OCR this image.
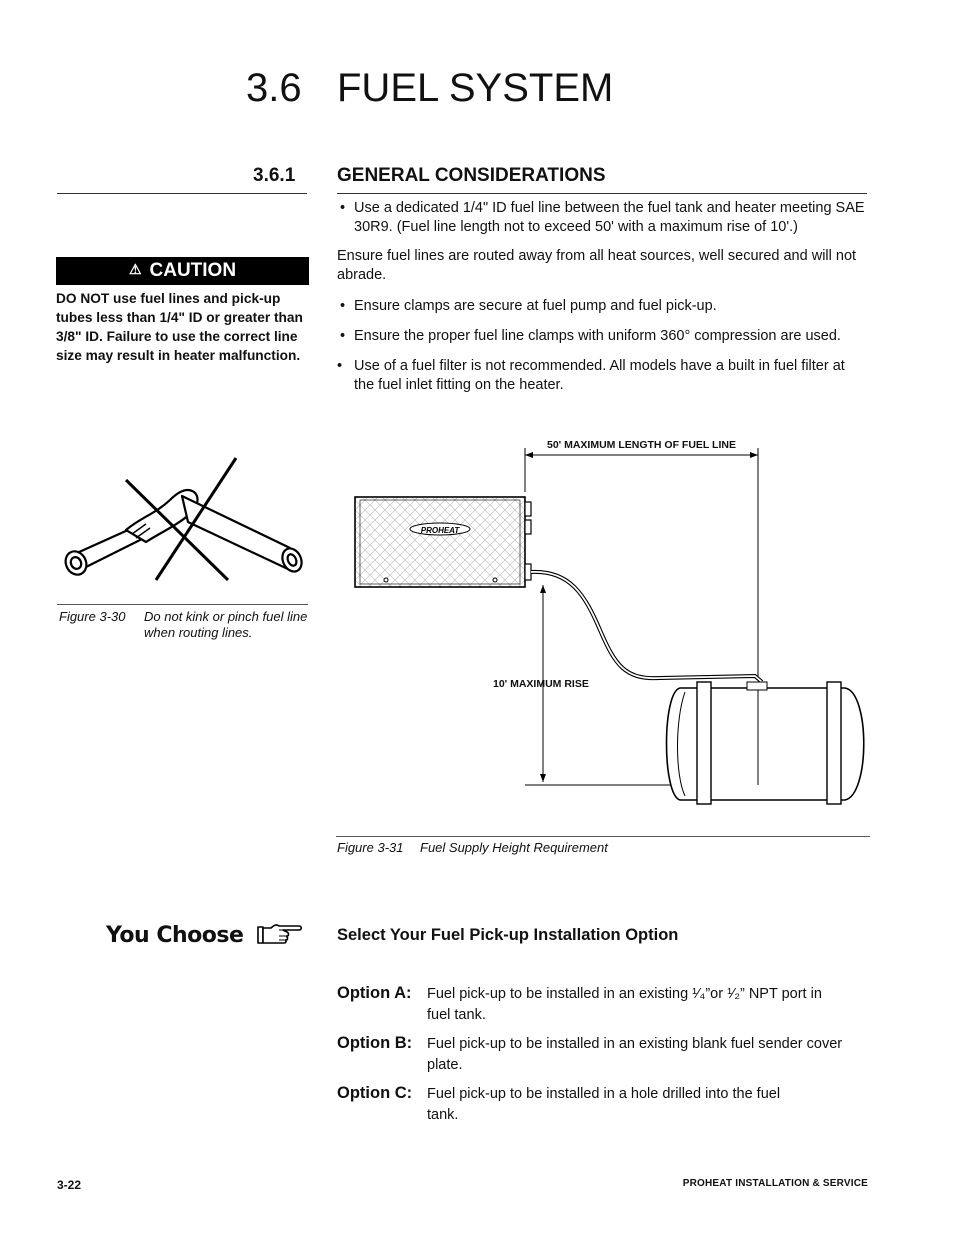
3.6 FUEL SYSTEM
3.6.1 GENERAL CONSIDERATIONS
• Use a dedicated 1/4" ID fuel line between the fuel tank and heater meeting SAE 30R9. (Fuel line length not to exceed 50' with a maximum rise of 10'.)
Ensure fuel lines are routed away from all heat sources, well secured and will not abrade.
• Ensure clamps are secure at fuel pump and fuel pick-up.
• Ensure the proper fuel line clamps with uniform 360° compression are used.
• Use of a fuel filter is not recommended. All models have a built in fuel filter at the fuel inlet fitting on the heater.
⚠ CAUTION
DO NOT use fuel lines and pick-up tubes less than 1/4" ID or greater than 3/8" ID. Failure to use the correct line size may result in heater malfunction.
Figure 3-30 Do not kink or pinch fuel line when routing lines.
PROHEAT
50' MAXIMUM LENGTH OF FUEL LINE
10' MAXIMUM RISE
Figure 3-31 Fuel Supply Height Requirement
You Choose	Select Your Fuel Pick-up Installation Option
Option A: Fuel pick-up to be installed in an existing ¹⁄₄”or ¹⁄₂” NPT port in fuel tank.
Option B: Fuel pick-up to be installed in an existing blank fuel sender cover plate.
Option C: Fuel pick-up to be installed in a hole drilled into the fuel tank.
3-22	PROHEAT INSTALLATION & SERVICE
